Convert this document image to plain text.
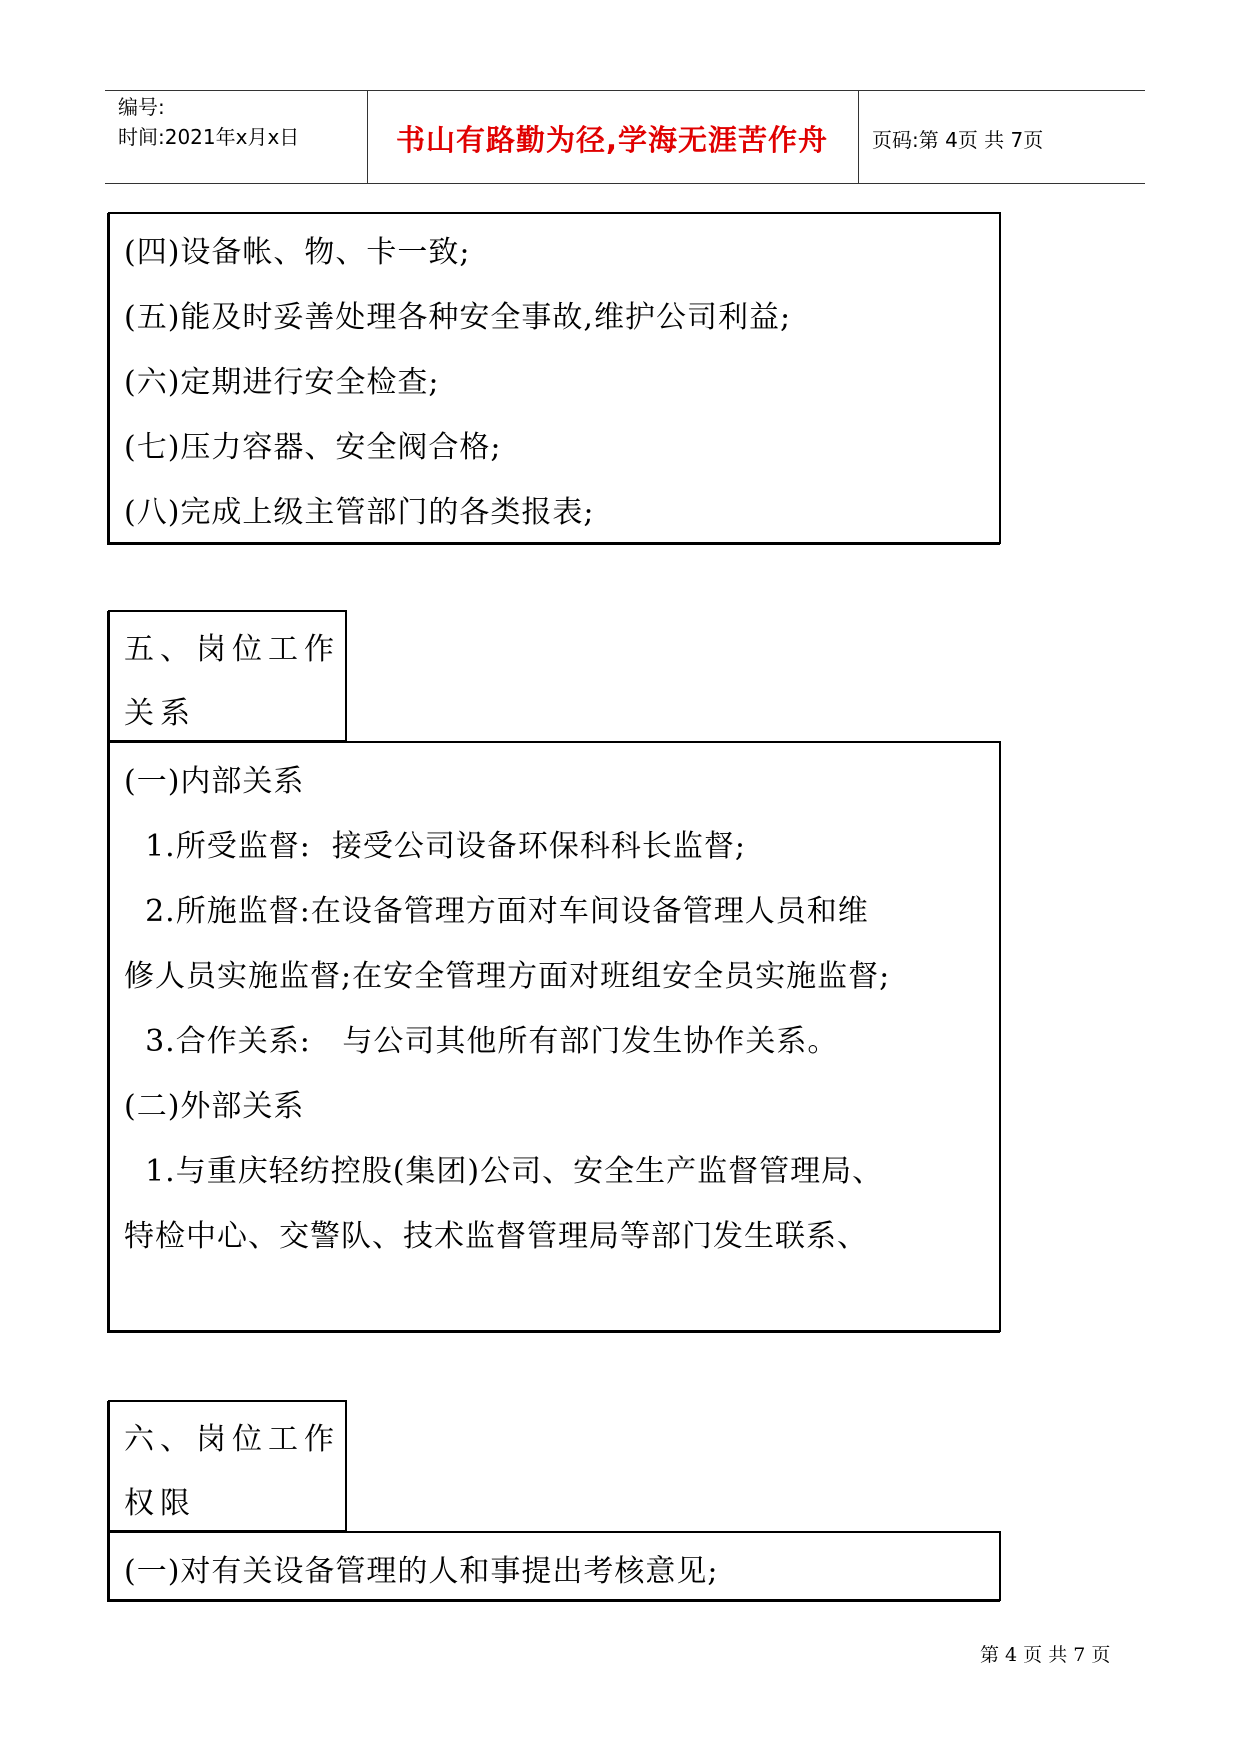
编号:
时间:2021年x月x日	书山有路勤为径,学海无涯苦作舟	页码:第 4页 共 7页
(四)设备帐、物、卡一致;
(五)能及时妥善处理各种安全事故,维护公司利益;
(六)定期进行安全检查;
(七)压力容器、安全阀合格;
(八)完成上级主管部门的各类报表;
五、岗位工作
关系
(一)内部关系
1.所受监督:  接受公司设备环保科科长监督;
2.所施监督:在设备管理方面对车间设备管理人员和维
修人员实施监督;在安全管理方面对班组安全员实施监督;
3.合作关系:   与公司其他所有部门发生协作关系。
(二)外部关系
1.与重庆轻纺控股(集团)公司、安全生产监督管理局、
特检中心、交警队、技术监督管理局等部门发生联系、
六、岗位工作
权限
(一)对有关设备管理的人和事提出考核意见;
第 4 页 共 7 页
